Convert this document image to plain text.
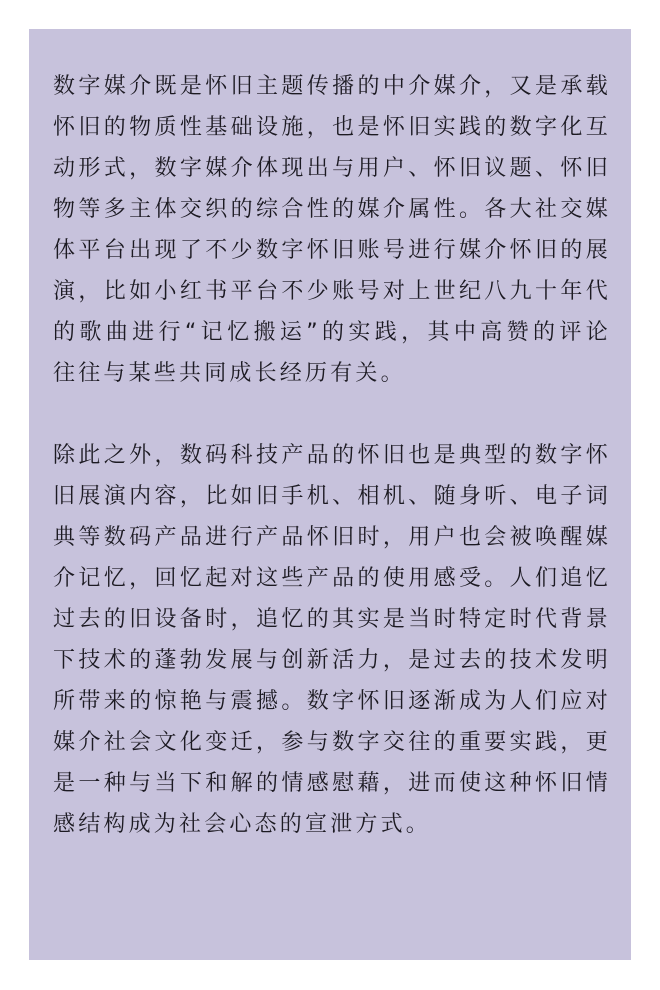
数字媒介既是怀旧主题传播的中介媒介，又是承载怀旧的物质性基础设施，也是怀旧实践的数字化互动形式，数字媒介体现出与用户、怀旧议题、怀旧物等多主体交织的综合性的媒介属性。各大社交媒体平台出现了不少数字怀旧账号进行媒介怀旧的展演，比如小红书平台不少账号对上世纪八九十年代的歌曲进行“记忆搬运”的实践，其中高赞的评论往往与某些共同成长经历有关。

除此之外，数码科技产品的怀旧也是典型的数字怀旧展演内容，比如旧手机、相机、随身听、电子词典等数码产品进行产品怀旧时，用户也会被唤醒媒介记忆，回忆起对这些产品的使用感受。人们追忆过去的旧设备时，追忆的其实是当时特定时代背景下技术的蓬勃发展与创新活力，是过去的技术发明所带来的惊艳与震撼。数字怀旧逐渐成为人们应对媒介社会文化变迁，参与数字交往的重要实践，更是一种与当下和解的情感慰藉，进而使这种怀旧情感结构成为社会心态的宣泄方式。
